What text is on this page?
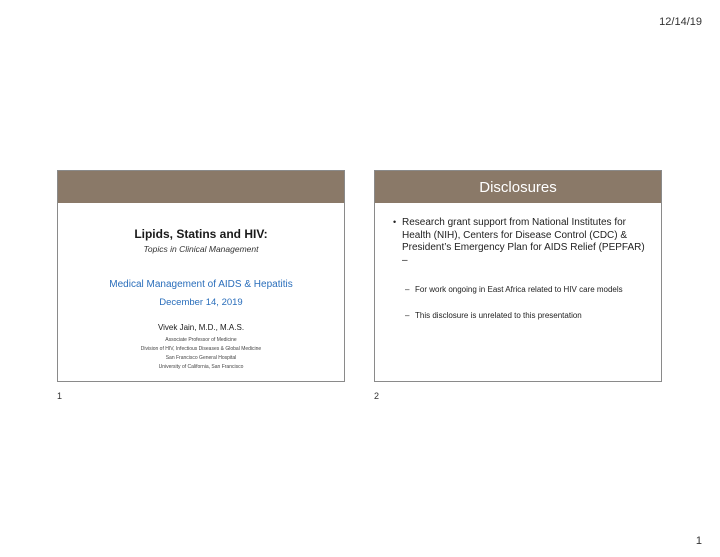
12/14/19
Lipids, Statins and HIV:
Topics in Clinical Management
Medical Management of AIDS & Hepatitis
December 14, 2019
Vivek Jain, M.D., M.A.S.
Associate Professor of Medicine
Division of HIV, Infectious Diseases & Global Medicine
San Francisco General Hospital
University of California, San Francisco
1
Disclosures
• Research grant support from National Institutes for Health (NIH), Centers for Disease Control (CDC) & President’s Emergency Plan for AIDS Relief (PEPFAR) –
– For work ongoing in East Africa related to HIV care models
– This disclosure is unrelated to this presentation
2
1
